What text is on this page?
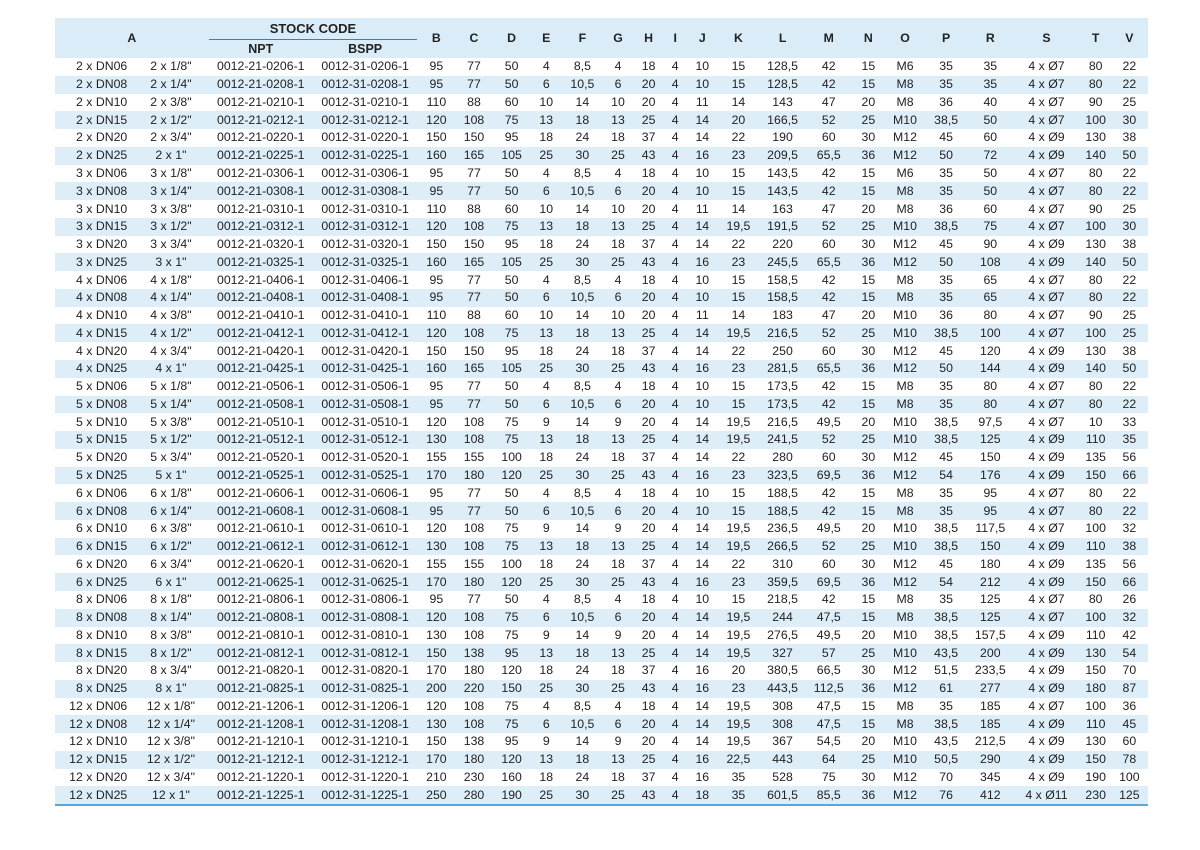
A		STOCK CODE		B	C	D	E	F	G	H	I	J	K	L	M	N	O	P	R	S	T	V
		NPT	BSPP																			
2 x DN06	2 x 1/8"	0012-21-0206-1	0012-31-0206-1	95	77	50	4	8,5	4	18	4	10	15	128,5	42	15	M6	35	35	4 x Ø7	80	22
2 x DN08	2 x 1/4"	0012-21-0208-1	0012-31-0208-1	95	77	50	6	10,5	6	20	4	10	15	128,5	42	15	M8	35	35	4 x Ø7	80	22
2 x DN10	2 x 3/8"	0012-21-0210-1	0012-31-0210-1	110	88	60	10	14	10	20	4	11	14	143	47	20	M8	36	40	4 x Ø7	90	25
2 x DN15	2 x 1/2"	0012-21-0212-1	0012-31-0212-1	120	108	75	13	18	13	25	4	14	20	166,5	52	25	M10	38,5	50	4 x Ø7	100	30
2 x DN20	2 x 3/4"	0012-21-0220-1	0012-31-0220-1	150	150	95	18	24	18	37	4	14	22	190	60	30	M12	45	60	4 x Ø9	130	38
2 x DN25	2 x 1"	0012-21-0225-1	0012-31-0225-1	160	165	105	25	30	25	43	4	16	23	209,5	65,5	36	M12	50	72	4 x Ø9	140	50
3 x DN06	3 x 1/8"	0012-21-0306-1	0012-31-0306-1	95	77	50	4	8,5	4	18	4	10	15	143,5	42	15	M6	35	50	4 x Ø7	80	22
3 x DN08	3 x 1/4"	0012-21-0308-1	0012-31-0308-1	95	77	50	6	10,5	6	20	4	10	15	143,5	42	15	M8	35	50	4 x Ø7	80	22
3 x DN10	3 x 3/8"	0012-21-0310-1	0012-31-0310-1	110	88	60	10	14	10	20	4	11	14	163	47	20	M8	36	60	4 x Ø7	90	25
3 x DN15	3 x 1/2"	0012-21-0312-1	0012-31-0312-1	120	108	75	13	18	13	25	4	14	19,5	191,5	52	25	M10	38,5	75	4 x Ø7	100	30
3 x DN20	3 x 3/4"	0012-21-0320-1	0012-31-0320-1	150	150	95	18	24	18	37	4	14	22	220	60	30	M12	45	90	4 x Ø9	130	38
3 x DN25	3 x 1"	0012-21-0325-1	0012-31-0325-1	160	165	105	25	30	25	43	4	16	23	245,5	65,5	36	M12	50	108	4 x Ø9	140	50
4 x DN06	4 x 1/8"	0012-21-0406-1	0012-31-0406-1	95	77	50	4	8,5	4	18	4	10	15	158,5	42	15	M8	35	65	4 x Ø7	80	22
4 x DN08	4 x 1/4"	0012-21-0408-1	0012-31-0408-1	95	77	50	6	10,5	6	20	4	10	15	158,5	42	15	M8	35	65	4 x Ø7	80	22
4 x DN10	4 x 3/8"	0012-21-0410-1	0012-31-0410-1	110	88	60	10	14	10	20	4	11	14	183	47	20	M10	36	80	4 x Ø7	90	25
4 x DN15	4 x 1/2"	0012-21-0412-1	0012-31-0412-1	120	108	75	13	18	13	25	4	14	19,5	216,5	52	25	M10	38,5	100	4 x Ø7	100	25
4 x DN20	4 x 3/4"	0012-21-0420-1	0012-31-0420-1	150	150	95	18	24	18	37	4	14	22	250	60	30	M12	45	120	4 x Ø9	130	38
4 x DN25	4 x 1"	0012-21-0425-1	0012-31-0425-1	160	165	105	25	30	25	43	4	16	23	281,5	65,5	36	M12	50	144	4 x Ø9	140	50
5 x DN06	5 x 1/8"	0012-21-0506-1	0012-31-0506-1	95	77	50	4	8,5	4	18	4	10	15	173,5	42	15	M8	35	80	4 x Ø7	80	22
5 x DN08	5 x 1/4"	0012-21-0508-1	0012-31-0508-1	95	77	50	6	10,5	6	20	4	10	15	173,5	42	15	M8	35	80	4 x Ø7	80	22
5 x DN10	5 x 3/8"	0012-21-0510-1	0012-31-0510-1	120	108	75	9	14	9	20	4	14	19,5	216,5	49,5	20	M10	38,5	97,5	4 x Ø7	10	33
5 x DN15	5 x 1/2"	0012-21-0512-1	0012-31-0512-1	130	108	75	13	18	13	25	4	14	19,5	241,5	52	25	M10	38,5	125	4 x Ø9	110	35
5 x DN20	5 x 3/4"	0012-21-0520-1	0012-31-0520-1	155	155	100	18	24	18	37	4	14	22	280	60	30	M12	45	150	4 x Ø9	135	56
5 x DN25	5 x 1"	0012-21-0525-1	0012-31-0525-1	170	180	120	25	30	25	43	4	16	23	323,5	69,5	36	M12	54	176	4 x Ø9	150	66
6 x DN06	6 x 1/8"	0012-21-0606-1	0012-31-0606-1	95	77	50	4	8,5	4	18	4	10	15	188,5	42	15	M8	35	95	4 x Ø7	80	22
6 x DN08	6 x 1/4"	0012-21-0608-1	0012-31-0608-1	95	77	50	6	10,5	6	20	4	10	15	188,5	42	15	M8	35	95	4 x Ø7	80	22
6 x DN10	6 x 3/8"	0012-21-0610-1	0012-31-0610-1	120	108	75	9	14	9	20	4	14	19,5	236,5	49,5	20	M10	38,5	117,5	4 x Ø7	100	32
6 x DN15	6 x 1/2"	0012-21-0612-1	0012-31-0612-1	130	108	75	13	18	13	25	4	14	19,5	266,5	52	25	M10	38,5	150	4 x Ø9	110	38
6 x DN20	6 x 3/4"	0012-21-0620-1	0012-31-0620-1	155	155	100	18	24	18	37	4	14	22	310	60	30	M12	45	180	4 x Ø9	135	56
6 x DN25	6 x 1"	0012-21-0625-1	0012-31-0625-1	170	180	120	25	30	25	43	4	16	23	359,5	69,5	36	M12	54	212	4 x Ø9	150	66
8 x DN06	8 x 1/8"	0012-21-0806-1	0012-31-0806-1	95	77	50	4	8,5	4	18	4	10	15	218,5	42	15	M8	35	125	4 x Ø7	80	26
8 x DN08	8 x 1/4"	0012-21-0808-1	0012-31-0808-1	120	108	75	6	10,5	6	20	4	14	19,5	244	47,5	15	M8	38,5	125	4 x Ø7	100	32
8 x DN10	8 x 3/8"	0012-21-0810-1	0012-31-0810-1	130	108	75	9	14	9	20	4	14	19,5	276,5	49,5	20	M10	38,5	157,5	4 x Ø9	110	42
8 x DN15	8 x 1/2"	0012-21-0812-1	0012-31-0812-1	150	138	95	13	18	13	25	4	14	19,5	327	57	25	M10	43,5	200	4 x Ø9	130	54
8 x DN20	8 x 3/4"	0012-21-0820-1	0012-31-0820-1	170	180	120	18	24	18	37	4	16	20	380,5	66,5	30	M12	51,5	233,5	4 x Ø9	150	70
8 x DN25	8 x 1"	0012-21-0825-1	0012-31-0825-1	200	220	150	25	30	25	43	4	16	23	443,5	112,5	36	M12	61	277	4 x Ø9	180	87
12 x DN06	12 x 1/8"	0012-21-1206-1	0012-31-1206-1	120	108	75	4	8,5	4	18	4	14	19,5	308	47,5	15	M8	35	185	4 x Ø7	100	36
12 x DN08	12 x 1/4"	0012-21-1208-1	0012-31-1208-1	130	108	75	6	10,5	6	20	4	14	19,5	308	47,5	15	M8	38,5	185	4 x Ø9	110	45
12 x DN10	12 x 3/8"	0012-21-1210-1	0012-31-1210-1	150	138	95	9	14	9	20	4	14	19,5	367	54,5	20	M10	43,5	212,5	4 x Ø9	130	60
12 x DN15	12 x 1/2"	0012-21-1212-1	0012-31-1212-1	170	180	120	13	18	13	25	4	16	22,5	443	64	25	M10	50,5	290	4 x Ø9	150	78
12 x DN20	12 x 3/4"	0012-21-1220-1	0012-31-1220-1	210	230	160	18	24	18	37	4	16	35	528	75	30	M12	70	345	4 x Ø9	190	100
12 x DN25	12 x 1"	0012-21-1225-1	0012-31-1225-1	250	280	190	25	30	25	43	4	18	35	601,5	85,5	36	M12	76	412	4 x Ø11	230	125
